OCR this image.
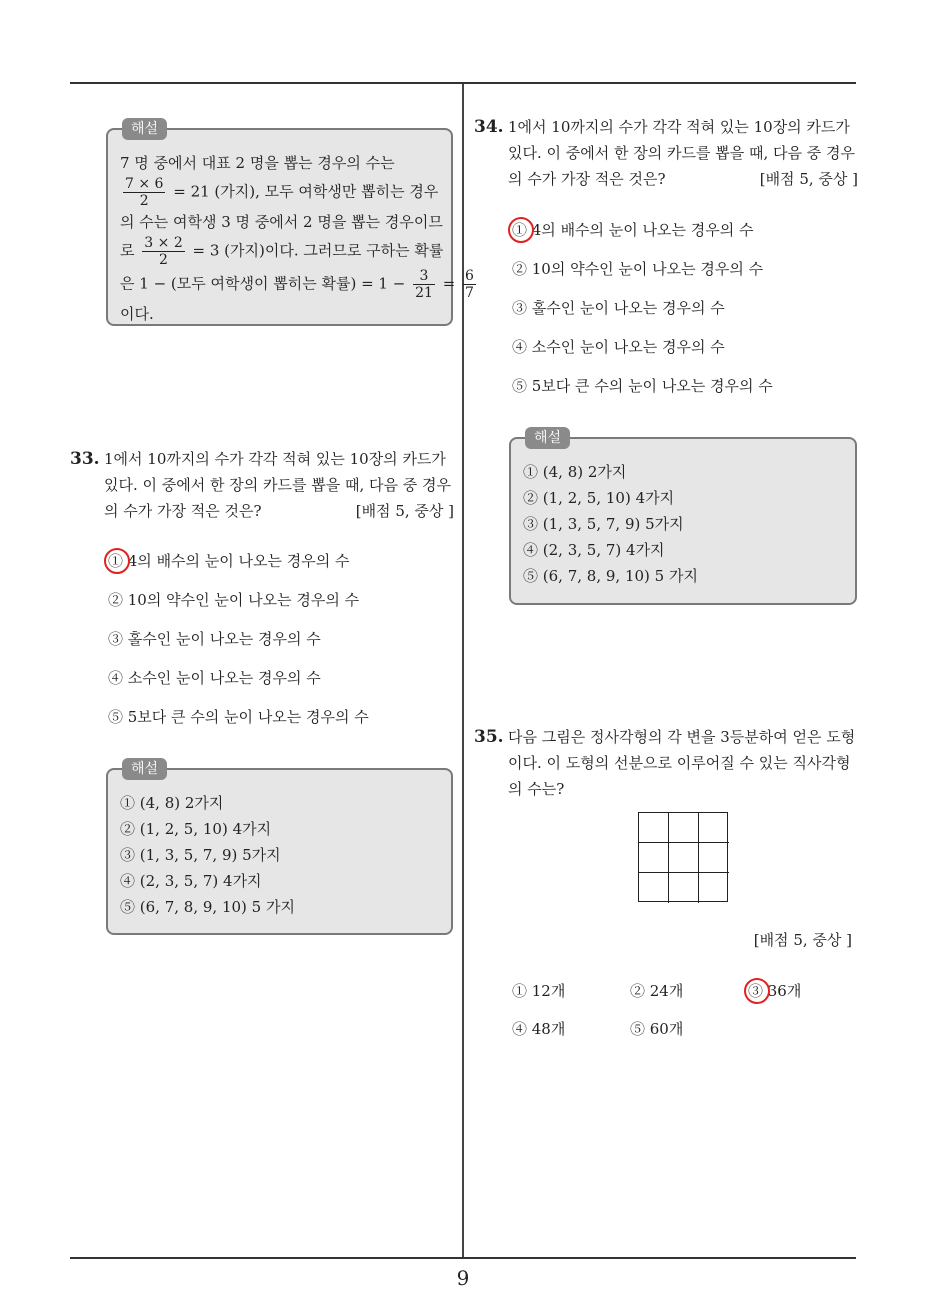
해설
7 명 중에서 대표 2 명을 뽑는 경우의 수는
$\frac{7 \times 6}{2} = 21$ (가지), 모두 여학생만 뽑히는 경우
의 수는 여학생 3 명 중에서 2 명을 뽑는 경우이므
로 $\frac{3 \times 2}{2} = 3$ (가지)이다. 그러므로 구하는 확률
은 1 − (모두 여학생이 뽑히는 확률) = $1 - \frac{3}{21} = \frac{6}{7}$
이다.
33. 1에서 10까지의 수가 각각 적혀 있는 10장의 카드가
있다. 이 중에서 한 장의 카드를 뽑을 때, 다음 중 경우
의 수가 가장 적은 것은?	[배점 5, 중상 ]
① 4의 배수의 눈이 나오는 경우의 수
② 10의 약수인 눈이 나오는 경우의 수
③ 홀수인 눈이 나오는 경우의 수
④ 소수인 눈이 나오는 경우의 수
⑤ 5보다 큰 수의 눈이 나오는 경우의 수
해설
① (4, 8) 2가지
② (1, 2, 5, 10) 4가지
③ (1, 3, 5, 7, 9) 5가지
④ (2, 3, 5, 7) 4가지
⑤ (6, 7, 8, 9, 10) 5 가지
34. 1에서 10까지의 수가 각각 적혀 있는 10장의 카드가
있다. 이 중에서 한 장의 카드를 뽑을 때, 다음 중 경우
의 수가 가장 적은 것은?	[배점 5, 중상 ]
① 4의 배수의 눈이 나오는 경우의 수
② 10의 약수인 눈이 나오는 경우의 수
③ 홀수인 눈이 나오는 경우의 수
④ 소수인 눈이 나오는 경우의 수
⑤ 5보다 큰 수의 눈이 나오는 경우의 수
해설
① (4, 8) 2가지
② (1, 2, 5, 10) 4가지
③ (1, 3, 5, 7, 9) 5가지
④ (2, 3, 5, 7) 4가지
⑤ (6, 7, 8, 9, 10) 5 가지
35. 다음 그림은 정사각형의 각 변을 3등분하여 얻은 도형
이다. 이 도형의 선분으로 이루어질 수 있는 직사각형
의 수는?
[배점 5, 중상 ]
① 12개	② 24개	③ 36개
④ 48개	⑤ 60개
9
